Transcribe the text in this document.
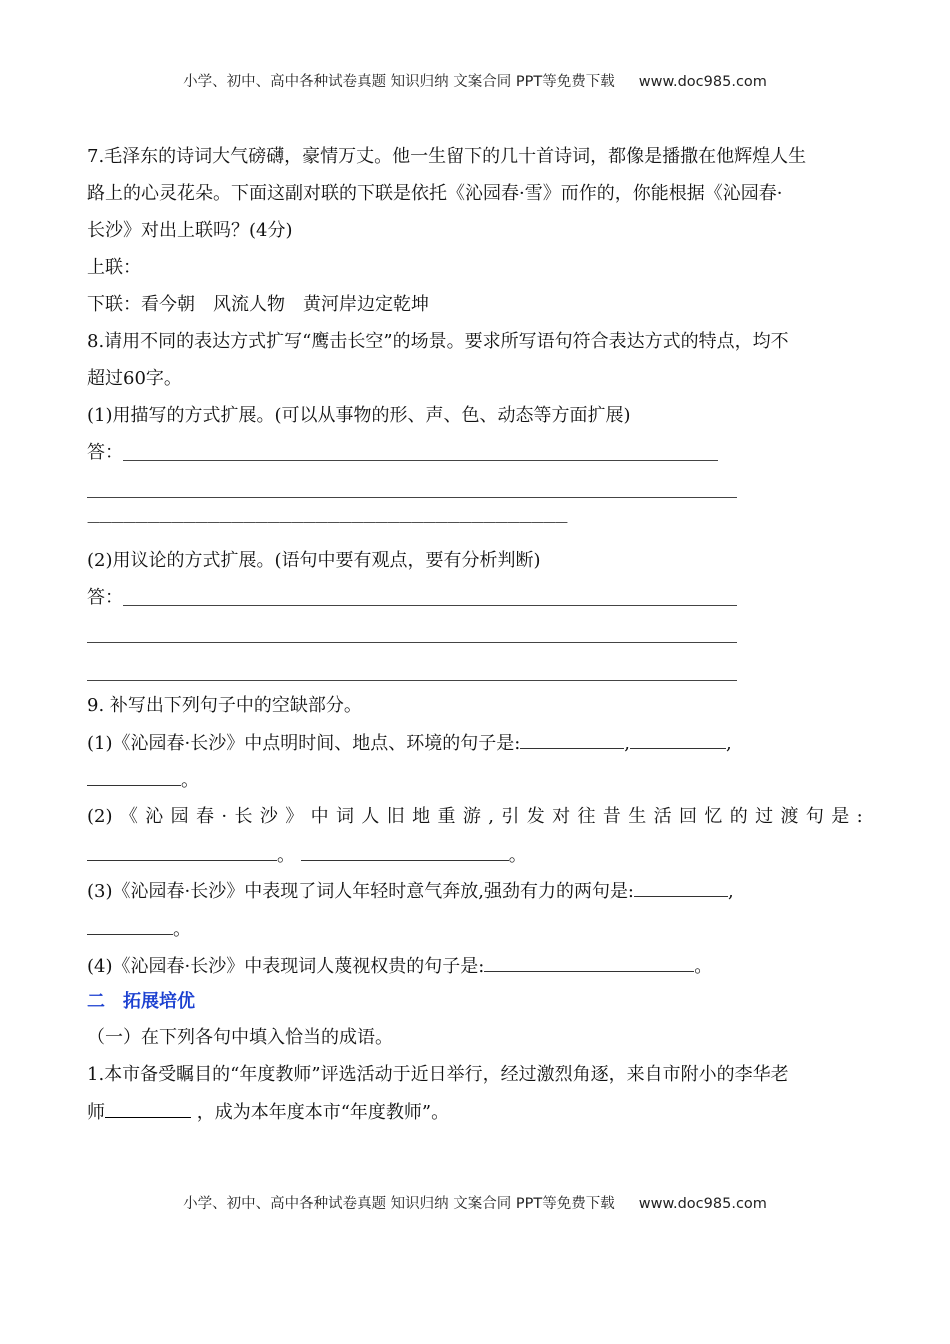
小学、初中、高中各种试卷真题 知识归纳 文案合同 PPT等免费下载 www.doc985.com
7.毛泽东的诗词大气磅礴，豪情万丈。他一生留下的几十首诗词，都像是播撒在他辉煌人生
路上的心灵花朵。下面这副对联的下联是依托《沁园春·雪》而作的，你能根据《沁园春·
长沙》对出上联吗？(4分)
上联：
下联：看今朝　风流人物　黄河岸边定乾坤
8.请用不同的表达方式扩写“鹰击长空”的场景。要求所写语句符合表达方式的特点，均不
超过60字。
(1)用描写的方式扩展。(可以从事物的形、声、色、动态等方面扩展)
答：
————————————————————————————————————————
(2)用议论的方式扩展。(语句中要有观点，要有分析判断)
答：
9. 补写出下列句子中的空缺部分。
(1)《沁园春·长沙》中点明时间、地点、环境的句子是:	,	,
。
(2) 《 沁 园 春 · 长 沙 》 中 词 人 旧 地 重 游 , 引 发 对 往 昔 生 活 回 忆 的 过 渡 句 是 :
。	。
(3)《沁园春·长沙》中表现了词人年轻时意气奔放,强劲有力的两句是:	,
。
(4)《沁园春·长沙》中表现词人蔑视权贵的句子是:	。
二　拓展培优
（一）在下列各句中填入恰当的成语。
1.本市备受瞩目的“年度教师”评选活动于近日举行，经过激烈角逐，来自市附小的李华老
师	，成为本年度本市“年度教师”。
小学、初中、高中各种试卷真题 知识归纳 文案合同 PPT等免费下载 www.doc985.com
